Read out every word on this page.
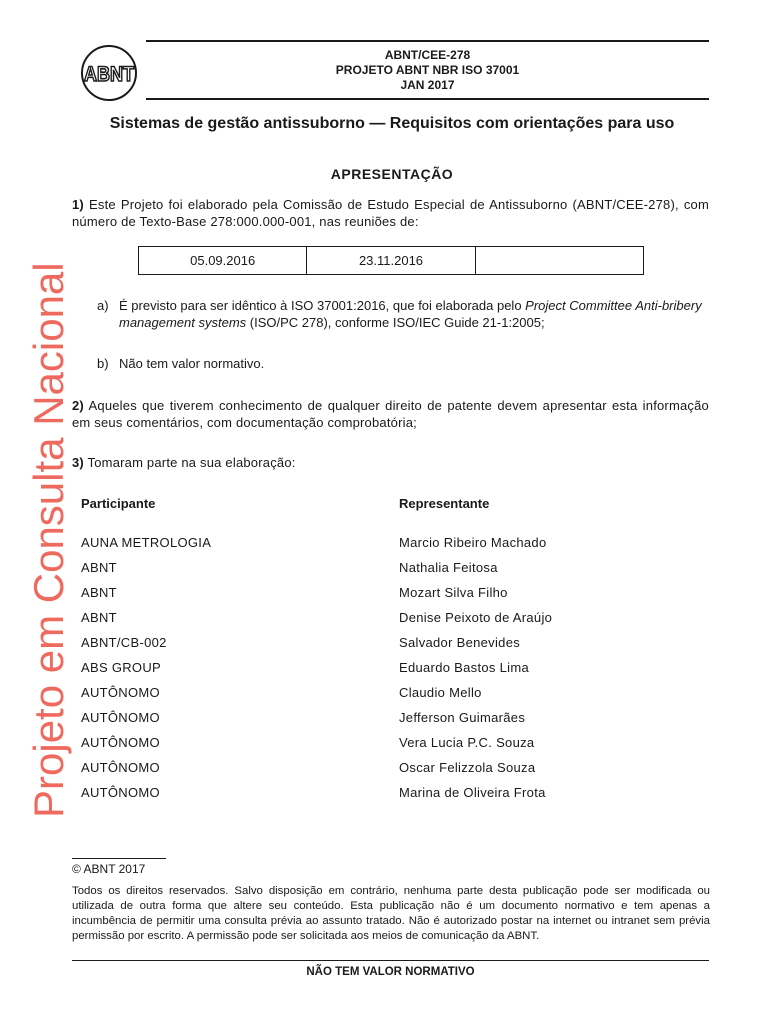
Projeto em Consulta Nacional
ABNT
ABNT/CEE-278
PROJETO ABNT NBR ISO 37001
JAN 2017
Sistemas de gestão antissuborno — Requisitos com orientações para uso
APRESENTAÇÃO
1) Este Projeto foi elaborado pela Comissão de Estudo Especial de Antissuborno (ABNT/CEE-278), com número de Texto-Base 278:000.000-001, nas reuniões de:
05.09.2016	23.11.2016	
a) É previsto para ser idêntico à ISO 37001:2016, que foi elaborada pelo Project Committee Anti-bribery management systems (ISO/PC 278), conforme ISO/IEC Guide 21-1:2005;
b) Não tem valor normativo.
2) Aqueles que tiverem conhecimento de qualquer direito de patente devem apresentar esta informação em seus comentários, com documentação comprobatória;
3) Tomaram parte na sua elaboração:
Participante	Representante
AUNA METROLOGIA	Marcio Ribeiro Machado
ABNT	Nathalia Feitosa
ABNT	Mozart Silva Filho
ABNT	Denise Peixoto de Araújo
ABNT/CB-002	Salvador Benevides
ABS GROUP	Eduardo Bastos Lima
AUTÔNOMO	Claudio Mello
AUTÔNOMO	Jefferson Guimarães
AUTÔNOMO	Vera Lucia P.C. Souza
AUTÔNOMO	Oscar Felizzola Souza
AUTÔNOMO	Marina de Oliveira Frota
© ABNT 2017
Todos os direitos reservados. Salvo disposição em contrário, nenhuma parte desta publicação pode ser modificada ou utilizada de outra forma que altere seu conteúdo. Esta publicação não é um documento normativo e tem apenas a incumbência de permitir uma consulta prévia ao assunto tratado. Não é autorizado postar na internet ou intranet sem prévia permissão por escrito. A permissão pode ser solicitada aos meios de comunicação da ABNT.
NÃO TEM VALOR NORMATIVO
